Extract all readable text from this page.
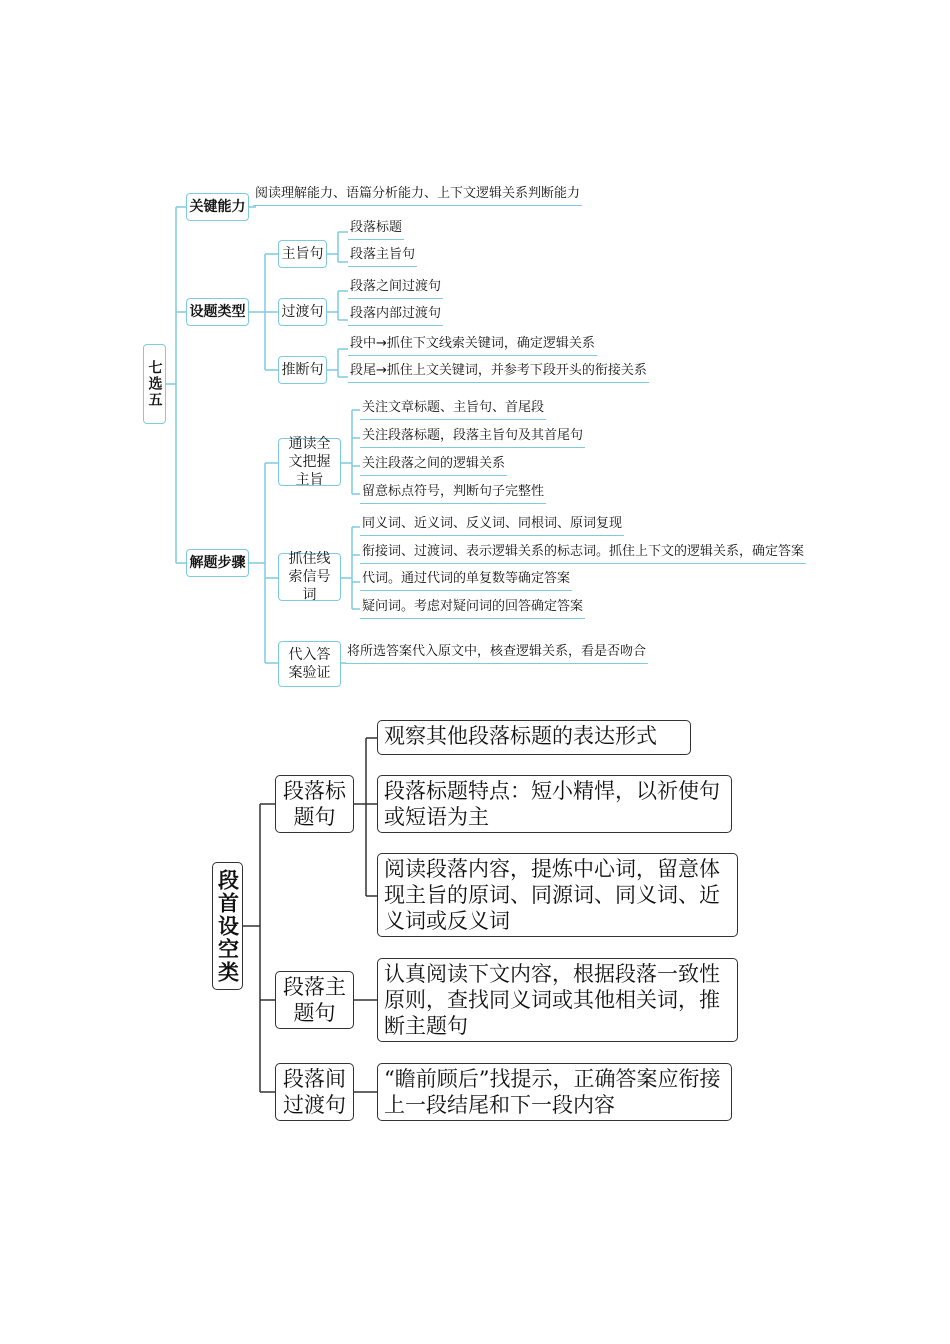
七选五
关键能力
阅读理解能力、语篇分析能力、上下文逻辑关系判断能力
设题类型
主旨句
段落标题
段落主旨句
过渡句
段落之间过渡句
段落内部过渡句
推断句
段中→抓住下文线索关键词，确定逻辑关系
段尾→抓住上文关键词，并参考下段开头的衔接关系
解题步骤
通读全文把握主旨
关注文章标题、主旨句、首尾段
关注段落标题，段落主旨句及其首尾句
关注段落之间的逻辑关系
留意标点符号，判断句子完整性
抓住线索信号词
同义词、近义词、反义词、同根词、原词复现
衔接词、过渡词、表示逻辑关系的标志词。抓住上下文的逻辑关系，确定答案
代词。通过代词的单复数等确定答案
疑问词。考虑对疑问词的回答确定答案
代入答案验证
将所选答案代入原文中，核查逻辑关系，看是否吻合
段首设空类
段落标题句
观察其他段落标题的表达形式
段落标题特点：短小精悍，以祈使句或短语为主
阅读段落内容，提炼中心词，留意体现主旨的原词、同源词、同义词、近义词或反义词
段落主题句
认真阅读下文内容，根据段落一致性原则，查找同义词或其他相关词，推断主题句
段落间过渡句
“瞻前顾后”找提示，正确答案应衔接上一段结尾和下一段内容
